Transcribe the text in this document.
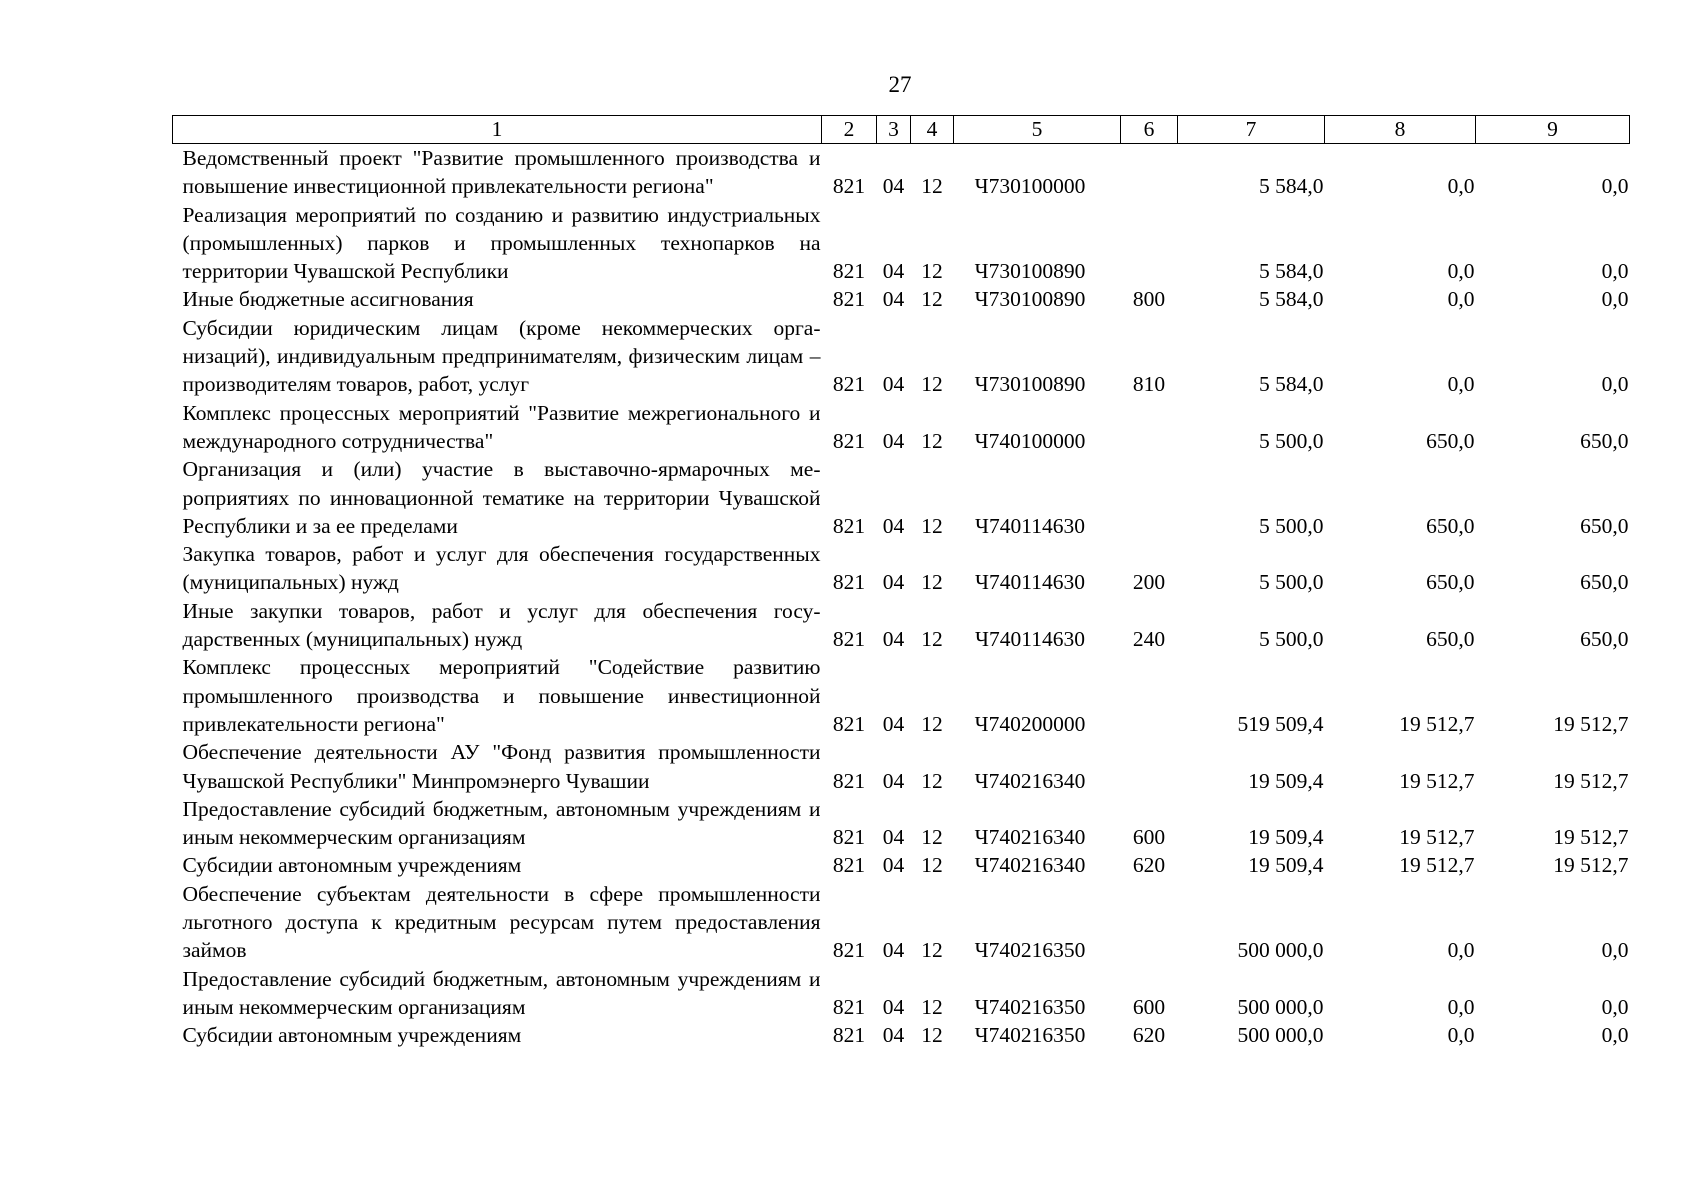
27
1	2	3	4	5	6	7	8	9
Ведомственный проект "Развитие промышленного производства и повышение инвестиционной привлекательности региона"	821	04	12	Ч730100000		5 584,0	0,0	0,0
Реализация мероприятий по созданию и развитию индустриальных (промышленных) парков и промышленных технопарков на территории Чувашской Республики	821	04	12	Ч730100890		5 584,0	0,0	0,0
Иные бюджетные ассигнования	821	04	12	Ч730100890	800	5 584,0	0,0	0,0
Субсидии юридическим лицам (кроме некоммерческих организаций), индивидуальным предпринимателям, физическим лицам – производителям товаров, работ, услуг	821	04	12	Ч730100890	810	5 584,0	0,0	0,0
Комплекс процессных мероприятий "Развитие межрегионального и международного сотрудничества"	821	04	12	Ч740100000		5 500,0	650,0	650,0
Организация и (или) участие в выставочно-ярмарочных мероприятиях по инновационной тематике на территории Чувашской Республики и за ее пределами	821	04	12	Ч740114630		5 500,0	650,0	650,0
Закупка товаров, работ и услуг для обеспечения государственных (муниципальных) нужд	821	04	12	Ч740114630	200	5 500,0	650,0	650,0
Иные закупки товаров, работ и услуг для обеспечения государственных (муниципальных) нужд	821	04	12	Ч740114630	240	5 500,0	650,0	650,0
Комплекс процессных мероприятий "Содействие развитию промышленного производства и повышение инвестиционной привлекательности региона"	821	04	12	Ч740200000		519 509,4	19 512,7	19 512,7
Обеспечение деятельности АУ "Фонд развития промышленности Чувашской Республики" Минпромэнерго Чувашии	821	04	12	Ч740216340		19 509,4	19 512,7	19 512,7
Предоставление субсидий бюджетным, автономным учреждениям и иным некоммерческим организациям	821	04	12	Ч740216340	600	19 509,4	19 512,7	19 512,7
Субсидии автономным учреждениям	821	04	12	Ч740216340	620	19 509,4	19 512,7	19 512,7
Обеспечение субъектам деятельности в сфере промышленности льготного доступа к кредитным ресурсам путем предоставления займов	821	04	12	Ч740216350		500 000,0	0,0	0,0
Предоставление субсидий бюджетным, автономным учреждениям и иным некоммерческим организациям	821	04	12	Ч740216350	600	500 000,0	0,0	0,0
Субсидии автономным учреждениям	821	04	12	Ч740216350	620	500 000,0	0,0	0,0
